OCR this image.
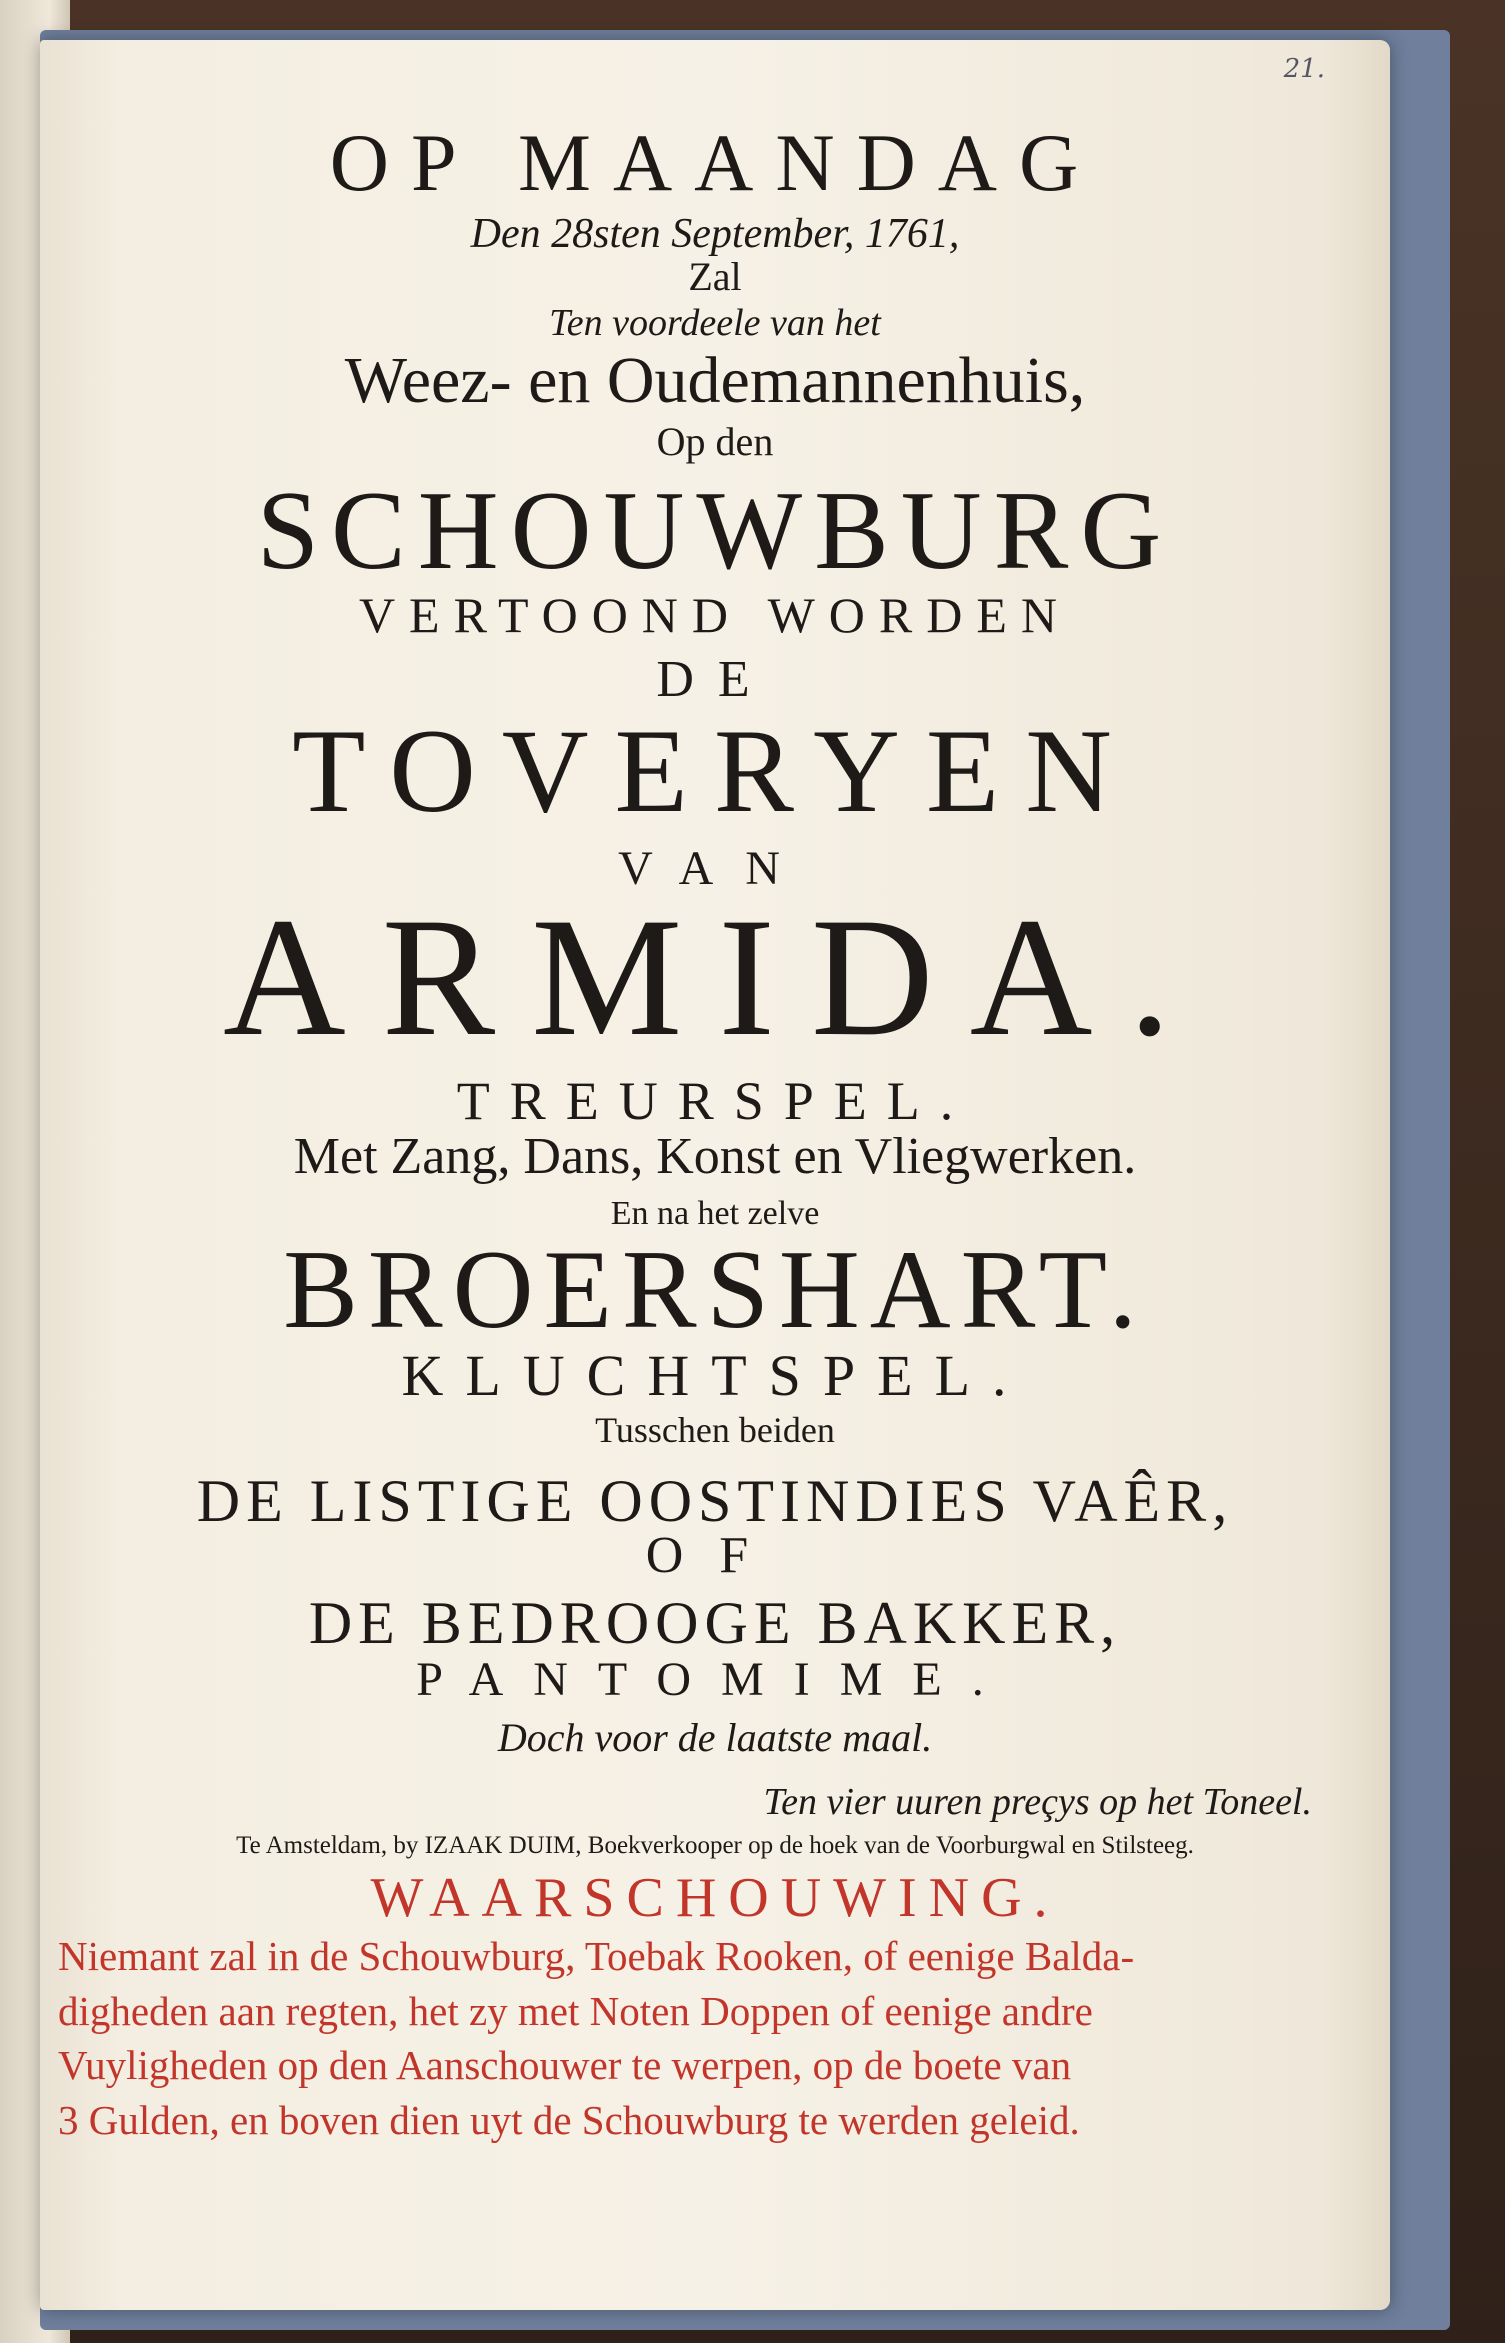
21.
OP MAANDAG
Den 28sten September, 1761,
Zal
Ten voordeele van het
Weez- en Oudemannenhuis,
Op den
SCHOUWBURG
VERTOOND WORDEN
DE
TOVERYEN
VAN
ARMIDA.
TREURSPEL.
Met Zang, Dans, Konst en Vliegwerken.
En na het zelve
BROERSHART.
KLUCHTSPEL.
Tusschen beiden
DE LISTIGE OOSTINDIES VAÊR,
OF
DE BEDROOGE BAKKER,
PANTOMIME.
Doch voor de laatste maal.
Ten vier uuren preçys op het Toneel.
Te Amsteldam, by IZAAK DUIM, Boekverkooper op de hoek van de Voorburgwal en Stilsteeg.
WAARSCHOUWING.
Niemant zal in de Schouwburg, Toebak Rooken, of eenige Balda-
digheden aan regten, het zy met Noten Doppen of eenige andre
Vuyligheden op den Aanschouwer te werpen, op de boete van
3 Gulden, en boven dien uyt de Schouwburg te werden geleid.
